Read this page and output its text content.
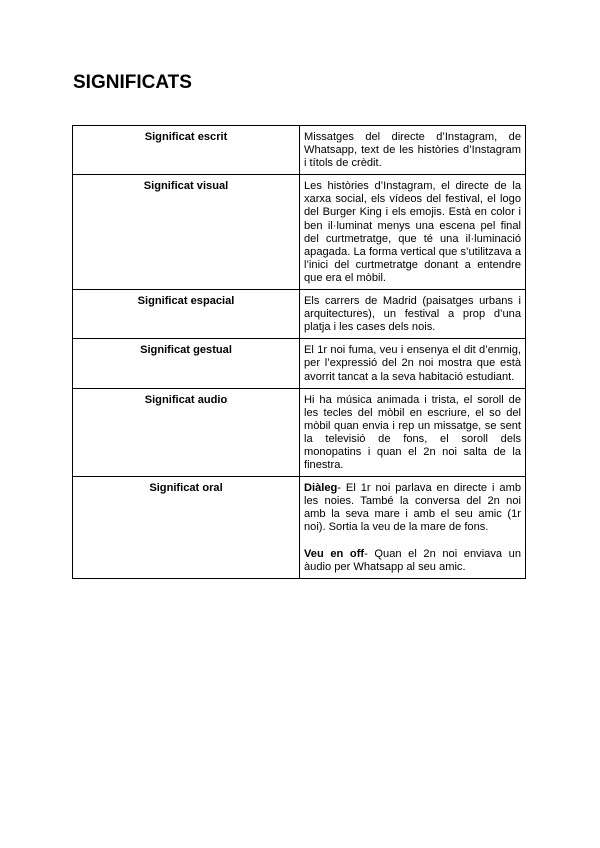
SIGNIFICATS
Significat escrit	Missatges del directe d’Instagram, de Whatsapp, text de les històries d’Instagram i títols de crèdit.
Significat visual	Les històries d’Instagram, el directe de la xarxa social, els vídeos del festival, el logo del Burger King i els emojis. Està en color i ben il·luminat menys una escena pel final del curtmetratge, que té una il·luminació apagada. La forma vertical que s’utilitzava a l’inici del curtmetratge donant a entendre que era el mòbil.
Significat espacial	Els carrers de Madrid (paisatges urbans i arquitectures), un festival a prop d’una platja i les cases dels nois.
Significat gestual	El 1r noi fuma, veu i ensenya el dit d’enmig, per l’expressió del 2n noi mostra que està avorrit tancat a la seva habitació estudiant.
Significat audio	Hi ha música animada i trista, el soroll de les tecles del mòbil en escriure, el so del mòbil quan envia i rep un missatge, se sent la televisió de fons, el soroll dels monopatins i quan el 2n noi salta de la finestra.
Significat oral	Diàleg- El 1r noi parlava en directe i amb les noies. També la conversa del 2n noi amb la seva mare i amb el seu amic (1r noi). Sortia la veu de la mare de fons.

Veu en off- Quan el 2n noi enviava un àudio per Whatsapp al seu amic.
